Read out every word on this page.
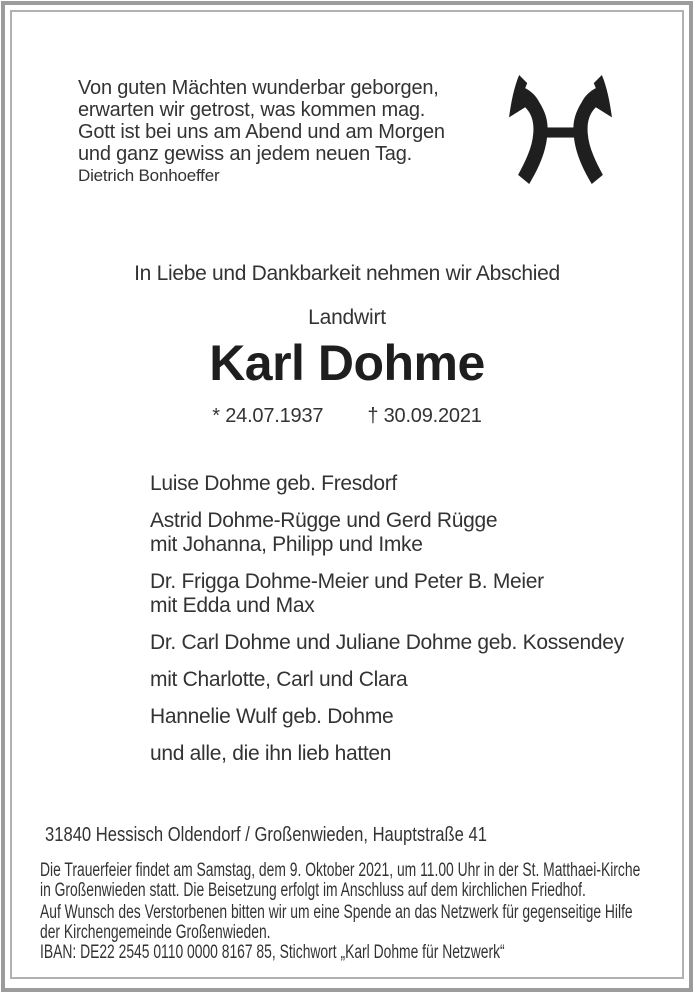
Von guten Mächten wunderbar geborgen,
erwarten wir getrost, was kommen mag.
Gott ist bei uns am Abend und am Morgen
und ganz gewiss an jedem neuen Tag.
Dietrich Bonhoeffer
In Liebe und Dankbarkeit nehmen wir Abschied
Landwirt
Karl Dohme
* 24.07.1937 † 30.09.2021
Luise Dohme geb. Fresdorf
Astrid Dohme-Rügge und Gerd Rügge
mit Johanna, Philipp und Imke
Dr. Frigga Dohme-Meier und Peter B. Meier
mit Edda und Max
Dr. Carl Dohme und Juliane Dohme geb. Kossendey
mit Charlotte, Carl und Clara
Hannelie Wulf geb. Dohme
und alle, die ihn lieb hatten
31840 Hessisch Oldendorf / Großenwieden, Hauptstraße 41
Die Trauerfeier findet am Samstag, dem 9. Oktober 2021, um 11.00 Uhr in der St. Matthaei-Kirche
in Großenwieden statt. Die Beisetzung erfolgt im Anschluss auf dem kirchlichen Friedhof.
Auf Wunsch des Verstorbenen bitten wir um eine Spende an das Netzwerk für gegenseitige Hilfe
der Kirchengemeinde Großenwieden.
IBAN: DE22 2545 0110 0000 8167 85, Stichwort „Karl Dohme für Netzwerk“
